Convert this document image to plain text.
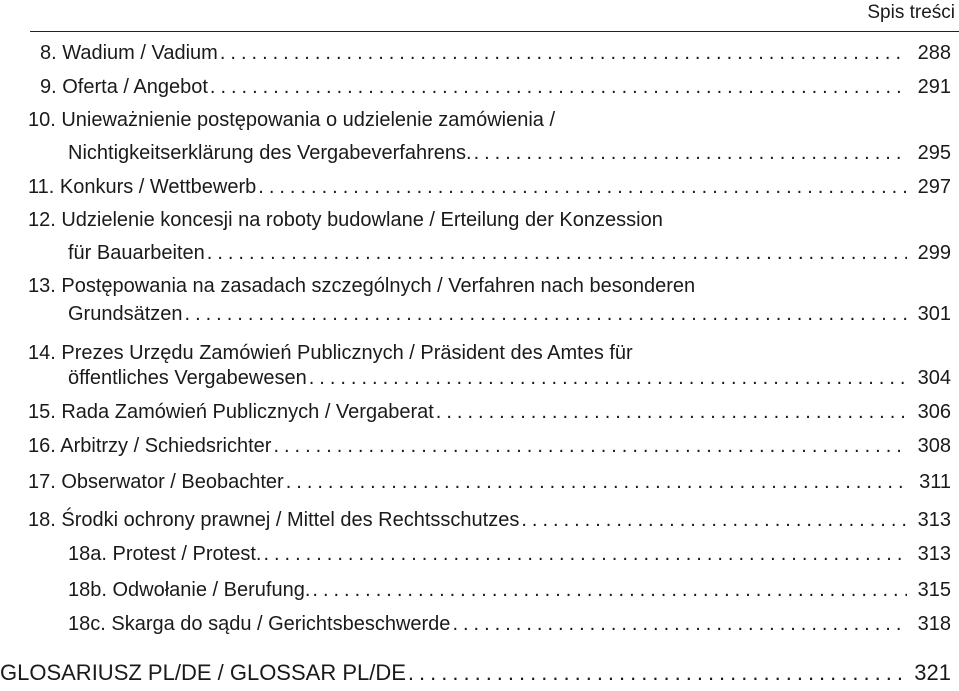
Spis treści
8. Wadium / Vadium .....	288
9. Oferta / Angebot .....	291
10. Unieważnienie postępowania o udzielenie zamówienia /
Nichtigkeitserklärung des Vergabeverfahrens. .....	295
11. Konkurs / Wettbewerb .....	297
12. Udzielenie koncesji na roboty budowlane / Erteilung der Konzession
für Bauarbeiten .....	299
13. Postępowania na zasadach szczególnych / Verfahren nach besonderen
Grundsätzen .....	301
14. Prezes Urzędu Zamówień Publicznych / Präsident des Amtes für
öffentliches Vergabewesen .....	304
15. Rada Zamówień Publicznych / Vergaberat .....	306
16. Arbitrzy / Schiedsrichter .....	308
17. Obserwator / Beobachter .....	311
18. Środki ochrony prawnej / Mittel des Rechtsschutzes .....	313
18a. Protest / Protest. .....	313
18b. Odwołanie / Berufung. .....	315
18c. Skarga do sądu / Gerichtsbeschwerde .....	318
GLOSARIUSZ PL/DE / GLOSSAR PL/DE .....	321
